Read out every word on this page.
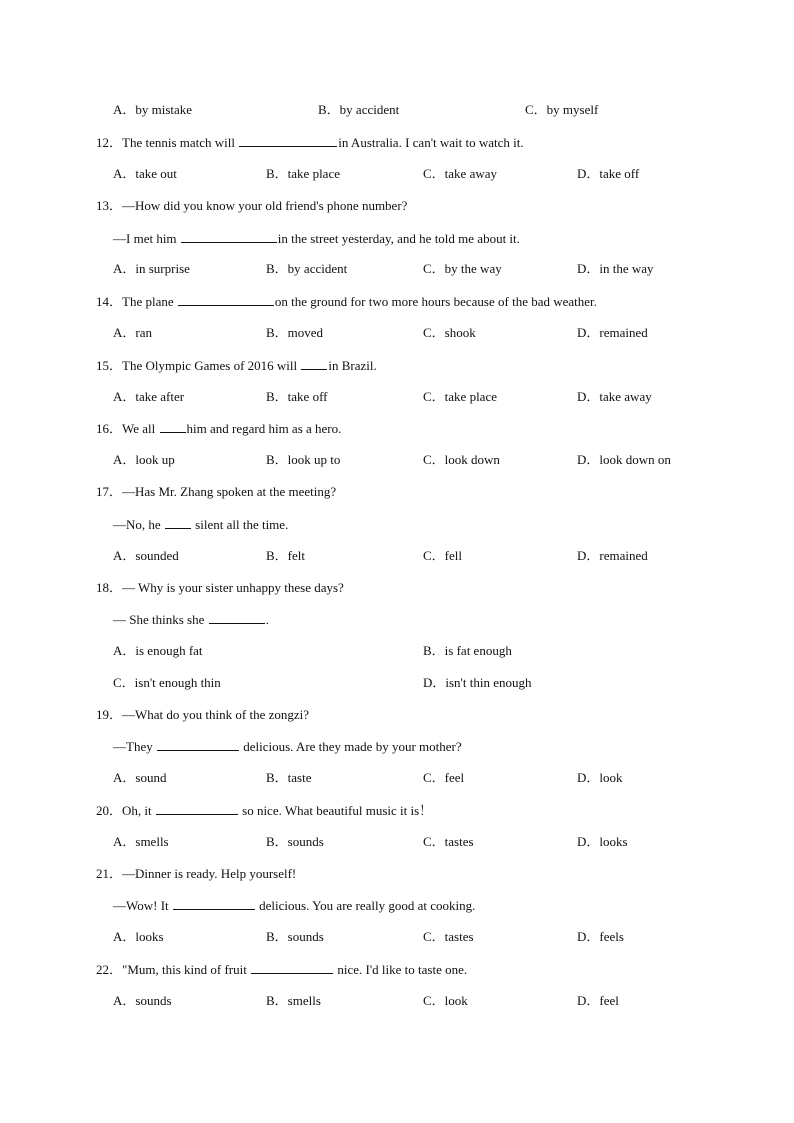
A．by mistake	B．by accident	C．by myself
12．The tennis match will	in Australia. I can't wait to watch it.
A．take out	B．take place	C．take away	D．take off
13．—How did you know your old friend's phone number?
—I met him	in the street yesterday, and he told me about it.
A．in surprise	B．by accident	C．by the way	D．in the way
14．The plane	on the ground for two more hours because of the bad weather.
A．ran	B．moved	C．shook	D．remained
15．The Olympic Games of 2016 will in Brazil.
A．take after	B．take off	C．take place	D．take away
16．We all him and regard him as a hero.
A．look up	B．look up to	C．look down	D．look down on
17．—Has Mr. Zhang spoken at the meeting?
—No, he  silent all the time.
A．sounded	B．felt	C．fell	D．remained
18．— Why is your sister unhappy these days?
— She thinks she	.
A．is enough fat	B．is fat enough
C．isn't enough thin	D．isn't thin enough
19．—What do you think of the zongzi?
—They	delicious. Are they made by your mother?
A．sound	B．taste	C．feel	D．look
20．Oh, it	so nice. What beautiful music it is！
A．smells	B．sounds	C．tastes	D．looks
21．—Dinner is ready. Help yourself!
—Wow! It	delicious. You are really good at cooking.
A．looks	B．sounds	C．tastes	D．feels
22．"Mum, this kind of fruit	nice. I'd like to taste one.
A．sounds	B．smells	C．look	D．feel
